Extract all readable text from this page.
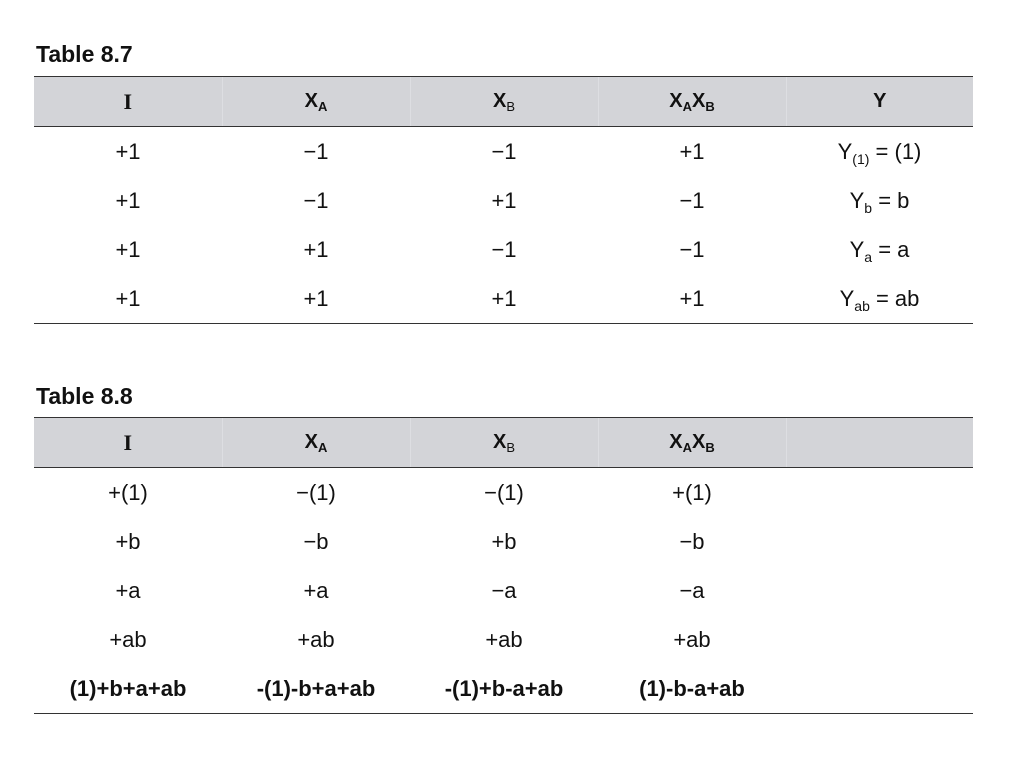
Table 8.7
I	$X_A$	$X_B$	$X_AX_B$	Y
+1	−1	−1	+1	$Y_{(1)} = (1)$
+1	−1	+1	−1	$Y_b = b$
+1	+1	−1	−1	$Y_a = a$
+1	+1	+1	+1	$Y_{ab}$ = ab
Table 8.8
I	$X_A$	$X_B$	$X_AX_B$	
+(1)	−(1)	−(1)	+(1)	
+b	−b	+b	−b	
+a	+a	−a	−a	
+ab	+ab	+ab	+ab	
(1)+b+a+ab	-(1)-b+a+ab	-(1)+b-a+ab	(1)-b-a+ab	
